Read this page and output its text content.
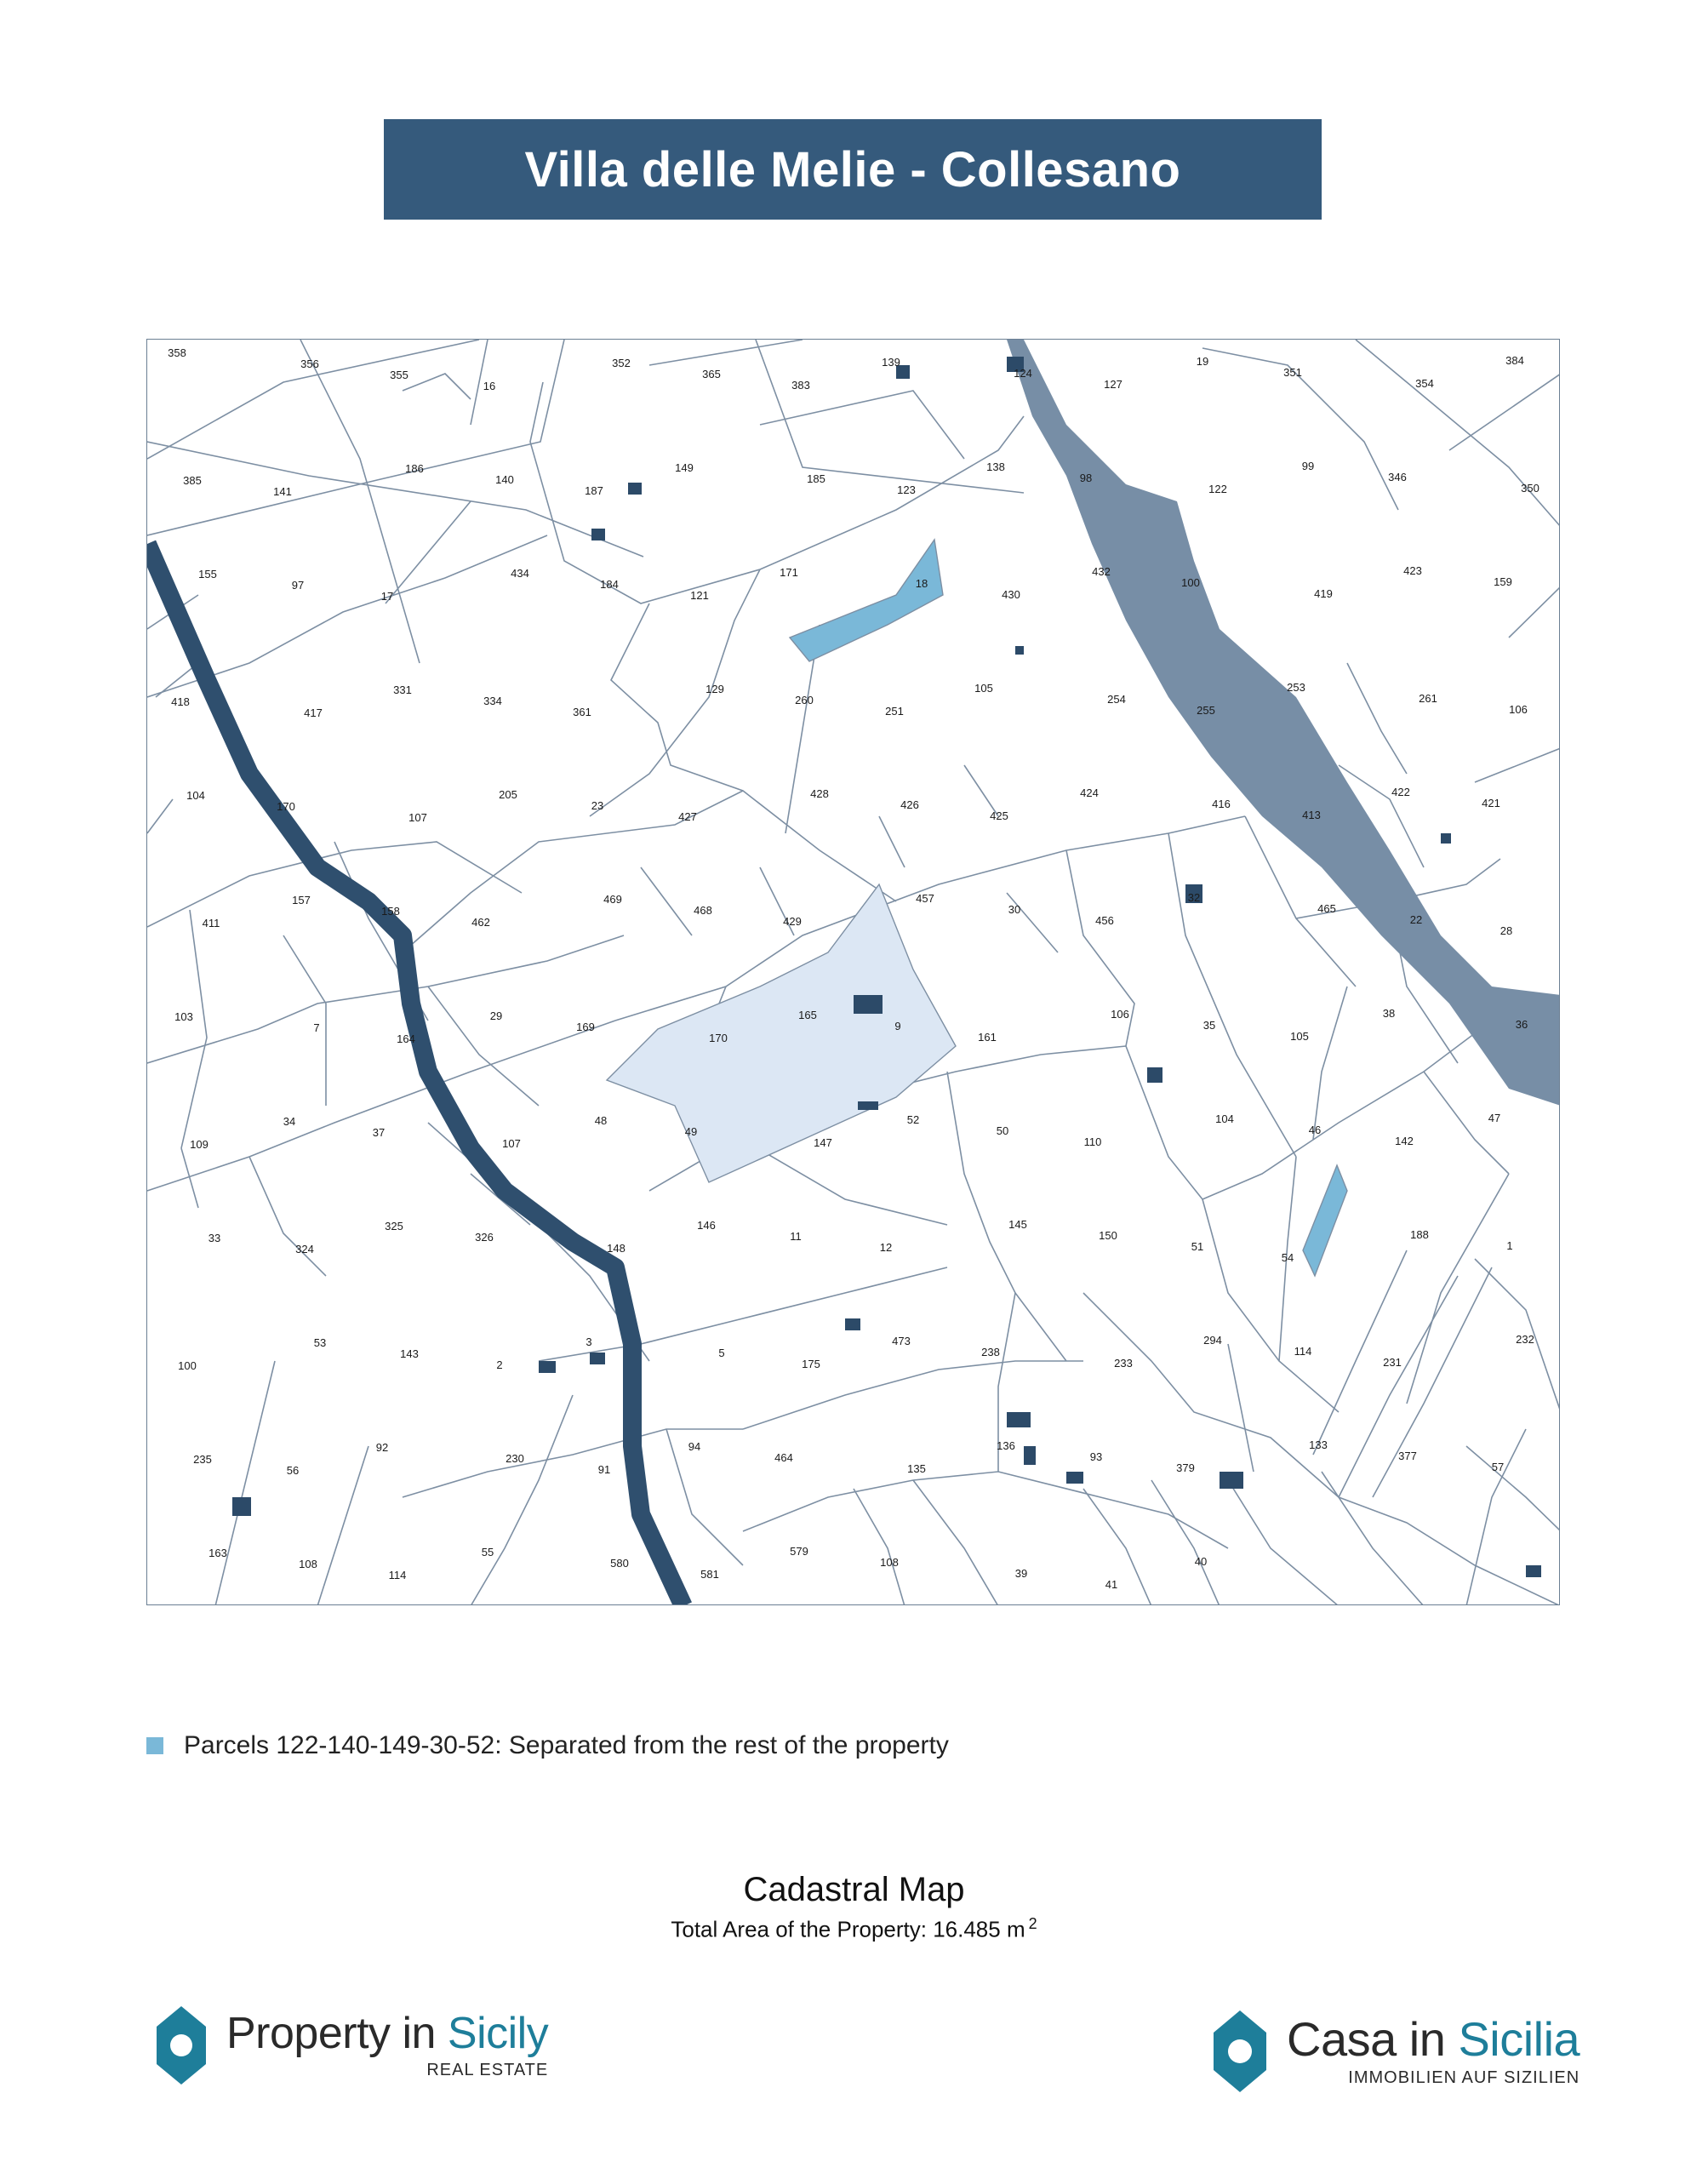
Villa delle Melie - Collesano
358
356
355
16
352
365
383
139
124
127
19
351
354
384
385
141
186
140
187
149
185
123
138
98
122
99
346
350
155
97
17
434
184
121
171
18
430
432
100
419
423
159
418
417
331
334
361
129
260
251
105
254
255
253
261
106
104
170
107
205
23
427
428
426
425
424
416
413
422
421
411
157
158
462
469
468
429
457
30
456
32
465
22
28
103
7
164
29
169
170
165
9
161
106
35
105
38
36
109
34
37
107
48
49
147
52
50
110
104
46
142
47
33
324
325
326
148
146
11
12
145
150
51
54
188
1
100
53
143
2
3
5
175
473
238
233
294
114
231
232
235
56
92
230
91
94
464
135
136
93
379
133
377
57
163
108
114
55
580
581
579
108
39
41
40
Parcels 122-140-149-30-52: Separated from the rest of the property
Cadastral Map
Total Area of the Property: 16.485 m $^2$
Property in Sicily
REAL ESTATE
Casa in Sicilia
IMMOBILIEN AUF SIZILIEN
